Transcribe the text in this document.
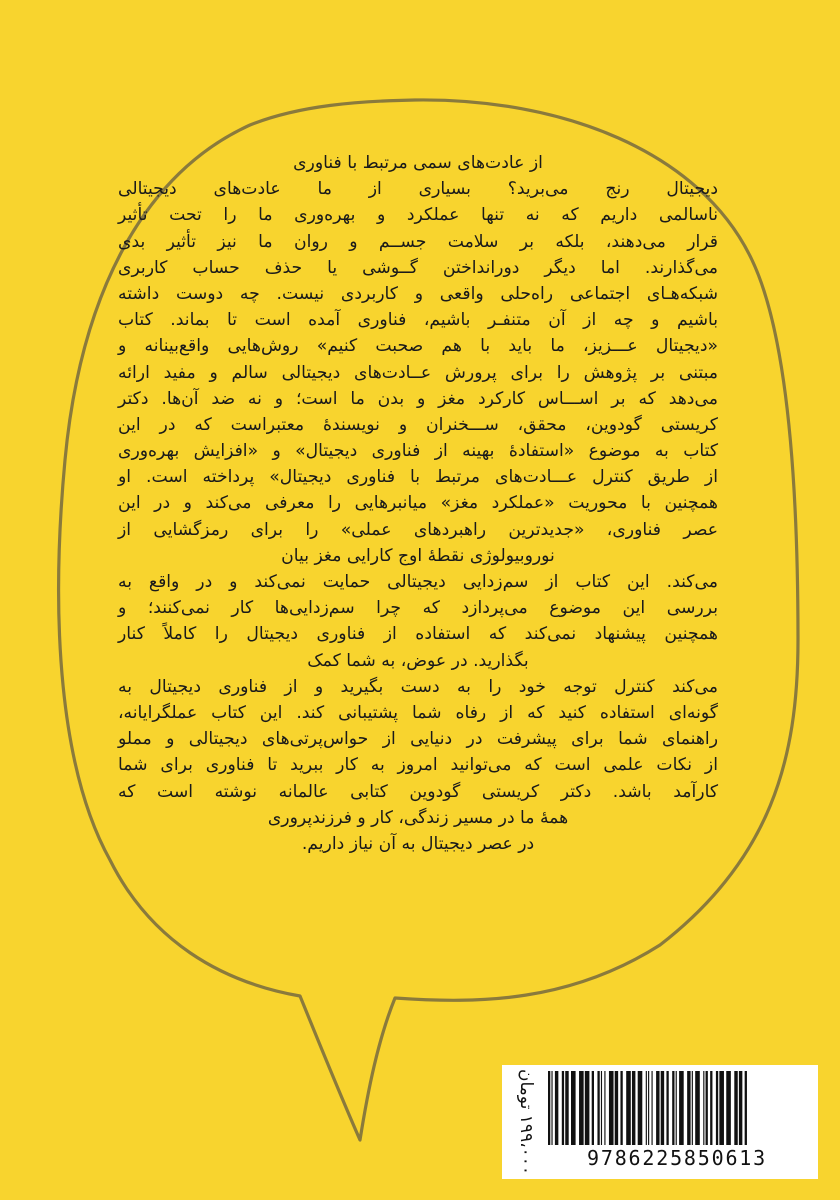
از عادت‌های سمی مرتبط با فناوری
دیجیتال رنج می‌برید؟ بسیاری از ما عادت‌های دیجیتالی
ناسالمی داریم که نه تنها عملکرد و بهره‌وری ما را تحت تأثیر
قرار می‌دهند، بلکه بر سلامت جســم و روان ما نیز تأثیر بدی
می‌گذارند. اما دیگر دورانداختن گــوشی یا حذف حساب کاربری
شبکه‌هـای اجتماعی راه‌حلی واقعی و کاربردی نیست. چه دوست داشته
باشیم و چه از آن متنفـر باشیم، فناوری آمده است تا بماند. کتاب
«دیجیتال عـــزیز، ما باید با هم صحبت کنیم» روش‌هایی واقع‌بینانه و
مبتنی بر پژوهش را برای پرورش عــادت‌های دیجیتالی سالم و مفید ارائه
می‌دهد که بر اســـاس کارکرد مغز و بدن ما است؛ و نه ضد آن‌ها. دکتر
کریستی گودوین، محقق، ســـخنران و نویسندهٔ معتبراست که در این
کتاب به موضوع «استفادهٔ بهینه از فناوری دیجیتال» و «افزایش بهره‌وری
از طریق کنترل عـــادت‌های مرتبط با فناوری دیجیتال» پرداخته است. او
همچنین با محوریت «عملکرد مغز» میانبرهایی را معرفی می‌کند و در این
عصر فناوری، «جدیدترین راهبردهای عملی» را برای رمزگشایی از
نوروبیولوژی نقطهٔ اوج کارایی مغز بیان
می‌کند. این کتاب از سم‌زدایی دیجیتالی حمایت نمی‌کند و در واقع به
بررسی این موضوع می‌پردازد که چرا سم‌زدایی‌ها کار نمی‌کنند؛ و
همچنین پیشنهاد نمی‌کند که استفاده از فناوری دیجیتال را کاملاً کنار
بگذارید. در عوض، به شما کمک
می‌کند کنترل توجه خود را به دست بگیرید و از فناوری دیجیتال به
گونه‌ای استفاده کنید که از رفاه شما پشتیبانی کند. این کتاب عملگرایانه،
راهنمای شما برای پیشرفت در دنیایی از حواس‌پرتی‌های دیجیتالی و مملو
از نکات علمی است که می‌توانید امروز به کار ببرید تا فناوری برای شما
کارآمد باشد. دکتر کریستی گودوین کتابی عالمانه نوشته است که
همهٔ ما در مسیر زندگی، کار و فرزندپروری
در عصر دیجیتال به آن نیاز داریم.
۱۹۹،۰۰۰ تومان	9786225850613
